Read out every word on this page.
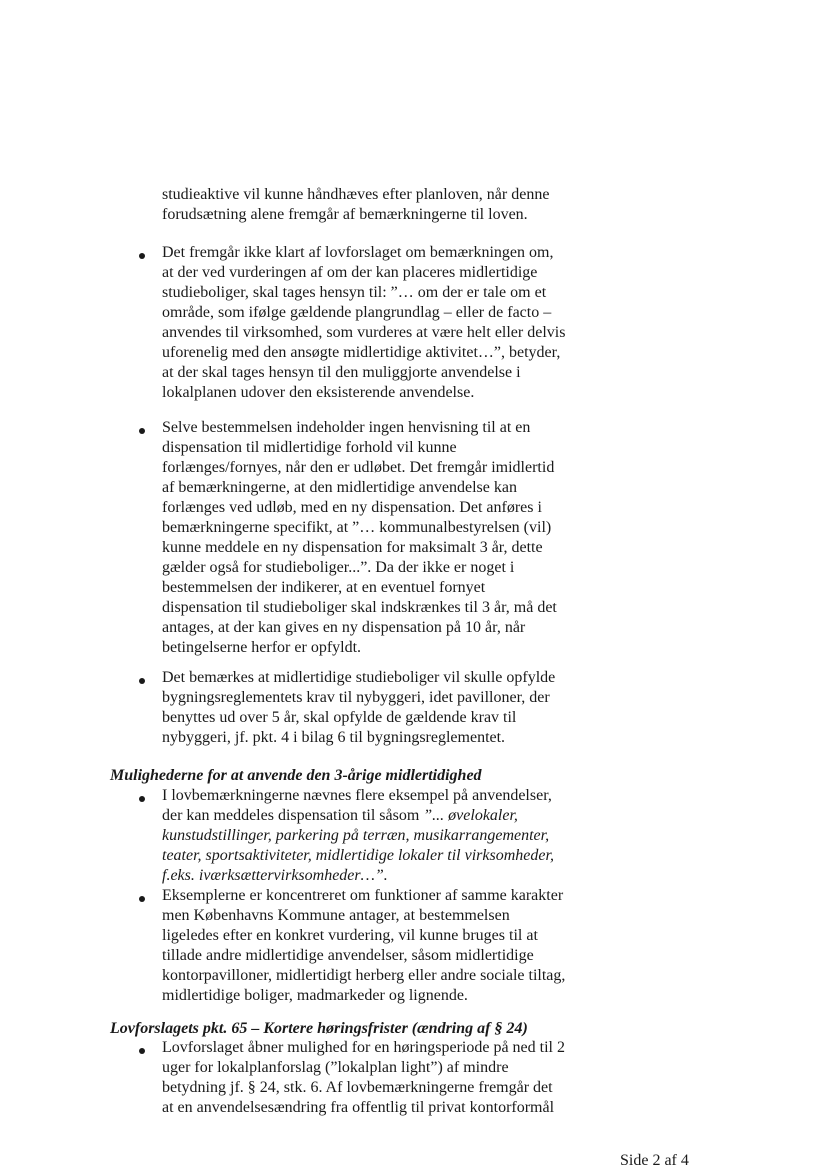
studieaktive vil kunne håndhæves efter planloven, når denne
forudsætning alene fremgår af bemærkningerne til loven.
Det fremgår ikke klart af lovforslaget om bemærkningen om,
at der ved vurderingen af om der kan placeres midlertidige
studieboliger, skal tages hensyn til: ”… om der er tale om et
område, som ifølge gældende plangrundlag – eller de facto –
anvendes til virksomhed, som vurderes at være helt eller delvis
uforenelig med den ansøgte midlertidige aktivitet…”, betyder,
at der skal tages hensyn til den muliggjorte anvendelse i
lokalplanen udover den eksisterende anvendelse.
Selve bestemmelsen indeholder ingen henvisning til at en
dispensation til midlertidige forhold vil kunne
forlænges/fornyes, når den er udløbet. Det fremgår imidlertid
af bemærkningerne, at den midlertidige anvendelse kan
forlænges ved udløb, med en ny dispensation. Det anføres i
bemærkningerne specifikt, at ”… kommunalbestyrelsen (vil)
kunne meddele en ny dispensation for maksimalt 3 år, dette
gælder også for studieboliger...”. Da der ikke er noget i
bestemmelsen der indikerer, at en eventuel fornyet
dispensation til studieboliger skal indskrænkes til 3 år, må det
antages, at der kan gives en ny dispensation på 10 år, når
betingelserne herfor er opfyldt.
Det bemærkes at midlertidige studieboliger vil skulle opfylde
bygningsreglementets krav til nybyggeri, idet pavilloner, der
benyttes ud over 5 år, skal opfylde de gældende krav til
nybyggeri, jf. pkt. 4 i bilag 6 til bygningsreglementet.
Mulighederne for at anvende den 3-årige midlertidighed
I lovbemærkningerne nævnes flere eksempel på anvendelser,
der kan meddeles dispensation til såsom ”... øvelokaler,
kunstudstillinger, parkering på terræn, musikarrangementer,
teater, sportsaktiviteter, midlertidige lokaler til virksomheder,
f.eks. iværksættervirksomheder…”.
Eksemplerne er koncentreret om funktioner af samme karakter
men Københavns Kommune antager, at bestemmelsen
ligeledes efter en konkret vurdering, vil kunne bruges til at
tillade andre midlertidige anvendelser, såsom midlertidige
kontorpavilloner, midlertidigt herberg eller andre sociale tiltag,
midlertidige boliger, madmarkeder og lignende.
Lovforslagets pkt. 65 – Kortere høringsfrister (ændring af § 24)
Lovforslaget åbner mulighed for en høringsperiode på ned til 2
uger for lokalplanforslag (”lokalplan light”) af mindre
betydning jf. § 24, stk. 6. Af lovbemærkningerne fremgår det
at en anvendelsesændring fra offentlig til privat kontorformål
Side 2 af 4
